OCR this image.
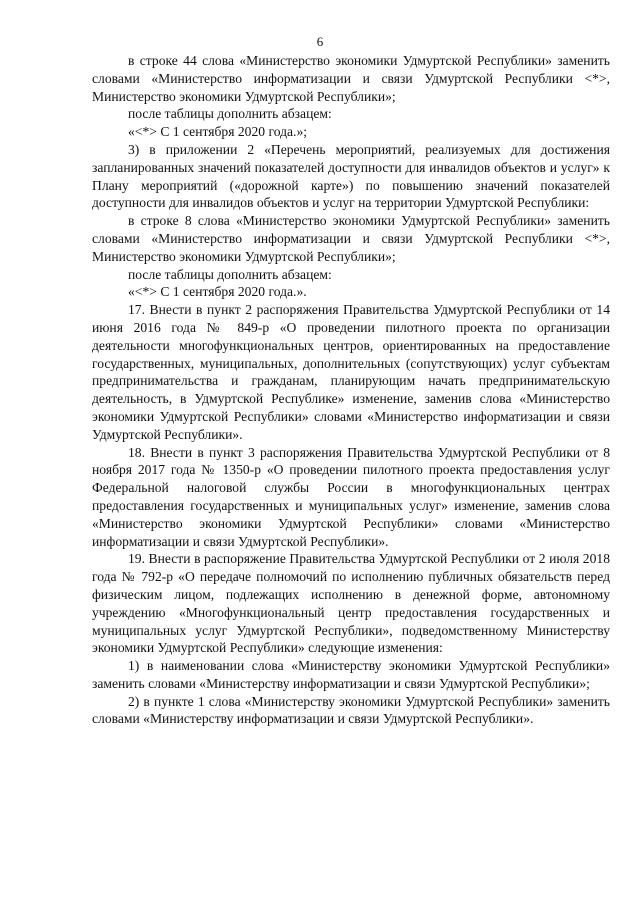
6

в строке 44 слова «Министерство экономики Удмуртской Республики» заменить словами «Министерство информатизации и связи Удмуртской Республики <*>, Министерство экономики Удмуртской Республики»;

после таблицы дополнить абзацем:

«<*> С 1 сентября 2020 года.»;

3) в приложении 2 «Перечень мероприятий, реализуемых для достижения запланированных значений показателей доступности для инвалидов объектов и услуг» к Плану мероприятий («дорожной карте») по повышению значений показателей доступности для инвалидов объектов и услуг на территории Удмуртской Республики:

в строке 8 слова «Министерство экономики Удмуртской Республики» заменить словами «Министерство информатизации и связи Удмуртской Республики <*>, Министерство экономики Удмуртской Республики»;

после таблицы дополнить абзацем:

«<*> С 1 сентября 2020 года.».

17. Внести в пункт 2 распоряжения Правительства Удмуртской Республики от 14 июня 2016 года № 849-р «О проведении пилотного проекта по организации деятельности многофункциональных центров, ориентированных на предоставление государственных, муниципальных, дополнительных (сопутствующих) услуг субъектам предпринимательства и гражданам, планирующим начать предпринимательскую деятельность, в Удмуртской Республике» изменение, заменив слова «Министерство экономики Удмуртской Республики» словами «Министерство информатизации и связи Удмуртской Республики».

18. Внести в пункт 3 распоряжения Правительства Удмуртской Республики от 8 ноября 2017 года № 1350-р «О проведении пилотного проекта предоставления услуг Федеральной налоговой службы России в многофункциональных центрах предоставления государственных и муниципальных услуг» изменение, заменив слова «Министерство экономики Удмуртской Республики» словами «Министерство информатизации и связи Удмуртской Республики».

19. Внести в распоряжение Правительства Удмуртской Республики от 2 июля 2018 года № 792-р «О передаче полномочий по исполнению публичных обязательств перед физическим лицом, подлежащих исполнению в денежной форме, автономному учреждению «Многофункциональный центр предоставления государственных и муниципальных услуг Удмуртской Республики», подведомственному Министерству экономики Удмуртской Республики» следующие изменения:

1) в наименовании слова «Министерству экономики Удмуртской Республики» заменить словами «Министерству информатизации и связи Удмуртской Республики»;

2) в пункте 1 слова «Министерству экономики Удмуртской Республики» заменить словами «Министерству информатизации и связи Удмуртской Республики».
